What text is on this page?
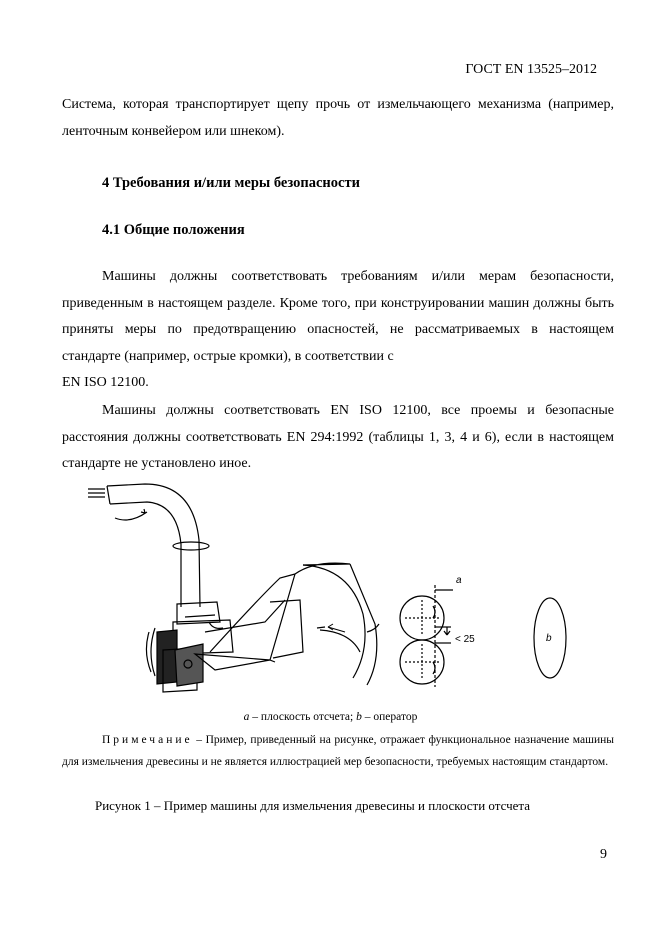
ГОСТ EN 13525–2012
Система, которая транспортирует щепу прочь от измельчающего механизма (например, ленточным конвейером или шнеком).
4 Требования и/или меры безопасности
4.1 Общие положения
Машины должны соответствовать требованиям и/или мерам безопасности, приведенным в настоящем разделе. Кроме того, при конструировании машин должны быть приняты меры по предотвращению опасностей, не рассматриваемых в настоящем стандарте (например, острые кромки), в соответствии с
EN ISO 12100.
Машины должны соответствовать EN ISO 12100, все проемы и безопасные расстояния должны соответствовать EN 294:1992 (таблицы 1, 3, 4 и 6), если в настоящем стандарте не установлено иное.
a
< 25	b
a – плоскость отсчета; b – оператор
Примечание – Пример, приведенный на рисунке, отражает функциональное назначение машины для измельчения древесины и не является иллюстрацией мер безопасности, требуемых настоящим стандартом.
Рисунок 1 – Пример машины для измельчения древесины и плоскости отсчета
9
